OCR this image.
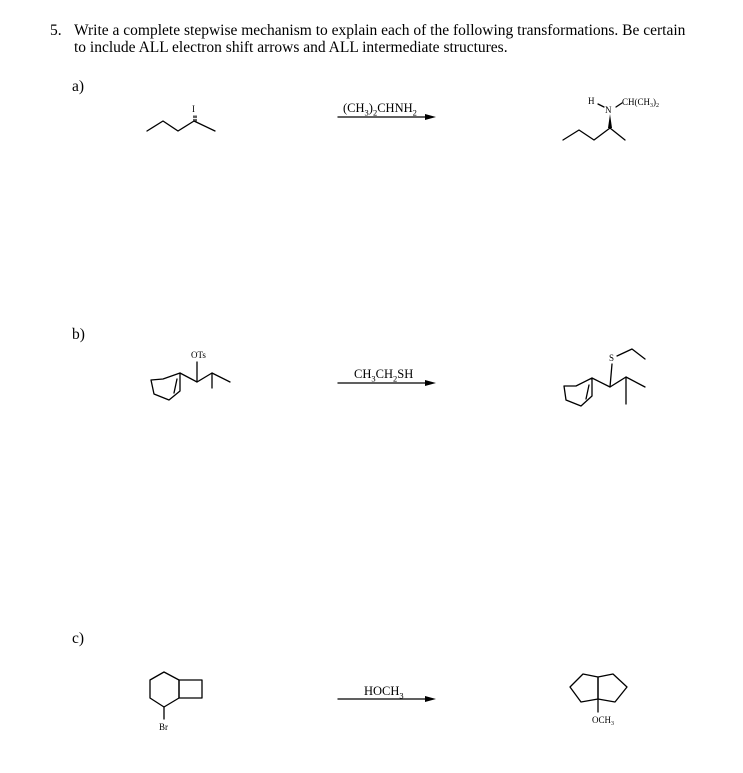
5. Write a complete stepwise mechanism to explain each of the following transformations. Be certain
to include ALL electron shift arrows and ALL intermediate structures.
a)
b)
c)
$(CH_3)_2CHNH_2$
$CH_3CH_2SH$
$HOCH_3$
I
H
N
$CH(CH_3)_2$
OTs	S
Br
$OCH_3$
